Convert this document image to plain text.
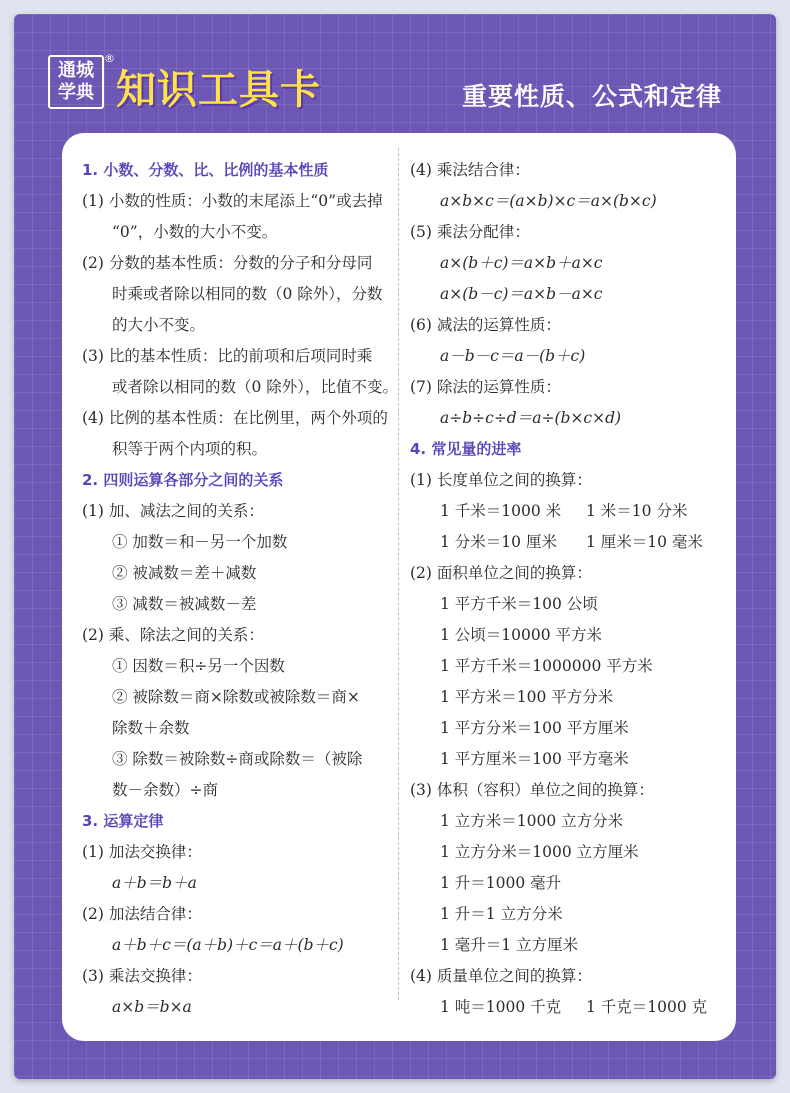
通城
学典
®
知识工具卡	重要性质、公式和定律
1. 小数、分数、比、比例的基本性质
(1) 小数的性质：小数的末尾添上“0”或去掉
“0”，小数的大小不变。
(2) 分数的基本性质：分数的分子和分母同
时乘或者除以相同的数（0 除外），分数
的大小不变。
(3) 比的基本性质：比的前项和后项同时乘
或者除以相同的数（0 除外），比值不变。
(4) 比例的基本性质：在比例里，两个外项的
积等于两个内项的积。
2. 四则运算各部分之间的关系
(1) 加、减法之间的关系：
① 加数＝和－另一个加数
② 被减数＝差＋减数
③ 减数＝被减数－差
(2) 乘、除法之间的关系：
① 因数＝积÷另一个因数
② 被除数＝商×除数或被除数＝商×
除数＋余数
③ 除数＝被除数÷商或除数＝（被除
数－余数）÷商
3. 运算定律
(1) 加法交换律：
a＋b＝b＋a
(2) 加法结合律：
a＋b＋c＝(a＋b)＋c＝a＋(b＋c)
(3) 乘法交换律：
a×b＝b×a
(4) 乘法结合律：
a×b×c＝(a×b)×c＝a×(b×c)
(5) 乘法分配律：
a×(b＋c)＝a×b＋a×c
a×(b－c)＝a×b－a×c
(6) 减法的运算性质：
a－b－c＝a－(b＋c)
(7) 除法的运算性质：
a÷b÷c÷d＝a÷(b×c×d)
4. 常见量的进率
(1) 长度单位之间的换算：
1 千米＝1000 米	1 米＝10 分米
1 分米＝10 厘米	1 厘米＝10 毫米
(2) 面积单位之间的换算：
1 平方千米＝100 公顷
1 公顷＝10000 平方米
1 平方千米＝1000000 平方米
1 平方米＝100 平方分米
1 平方分米＝100 平方厘米
1 平方厘米＝100 平方毫米
(3) 体积（容积）单位之间的换算：
1 立方米＝1000 立方分米
1 立方分米＝1000 立方厘米
1 升＝1000 毫升
1 升＝1 立方分米
1 毫升＝1 立方厘米
(4) 质量单位之间的换算：
1 吨＝1000 千克	1 千克＝1000 克
